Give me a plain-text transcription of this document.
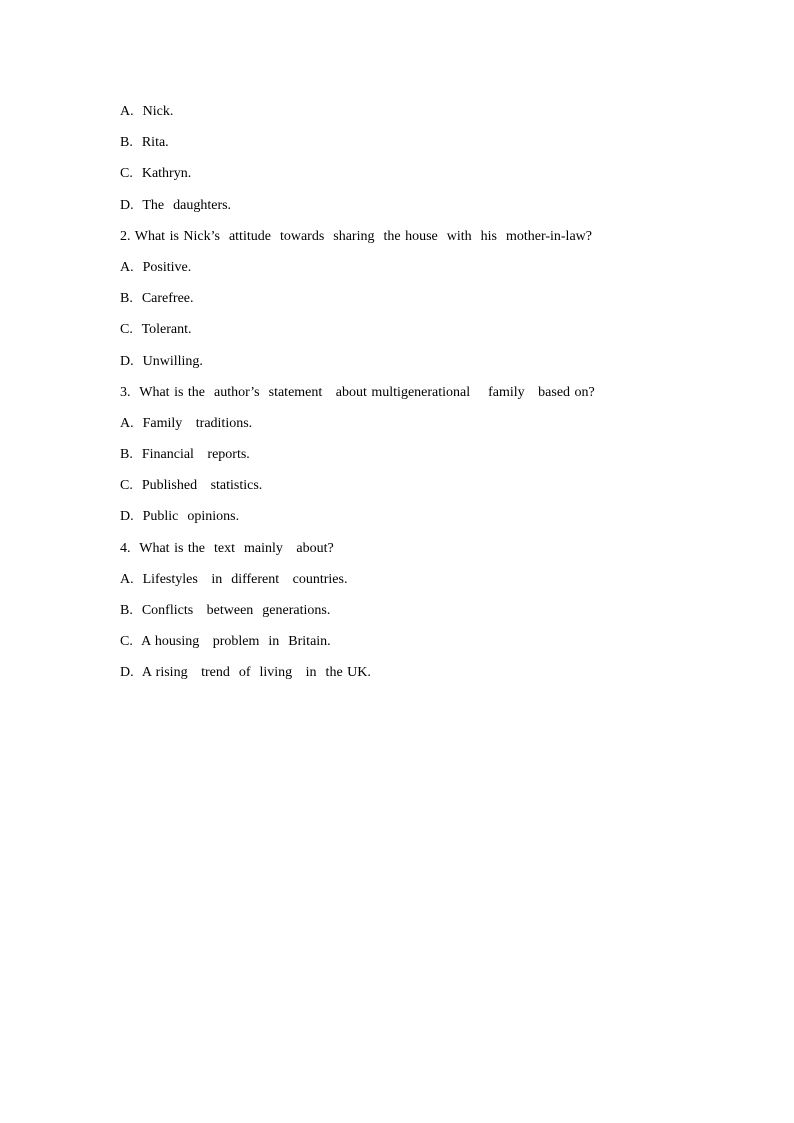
A.  Nick.
B.  Rita.
C.  Kathryn.
D.  The  daughters.
2. What is Nick’s  attitude  towards  sharing  the house  with  his  mother-in-law?
A.  Positive.
B.  Carefree.
C.  Tolerant.
D.  Unwilling.
3.  What is the  author’s  statement   about multigenerational    family   based on?
A.  Family   traditions.
B.  Financial   reports.
C.  Published   statistics.
D.  Public  opinions.
4.  What is the  text  mainly   about?
A.  Lifestyles   in  different   countries.
B.  Conflicts   between  generations.
C.  A housing   problem  in  Britain.
D.  A rising   trend  of  living   in  the UK.
